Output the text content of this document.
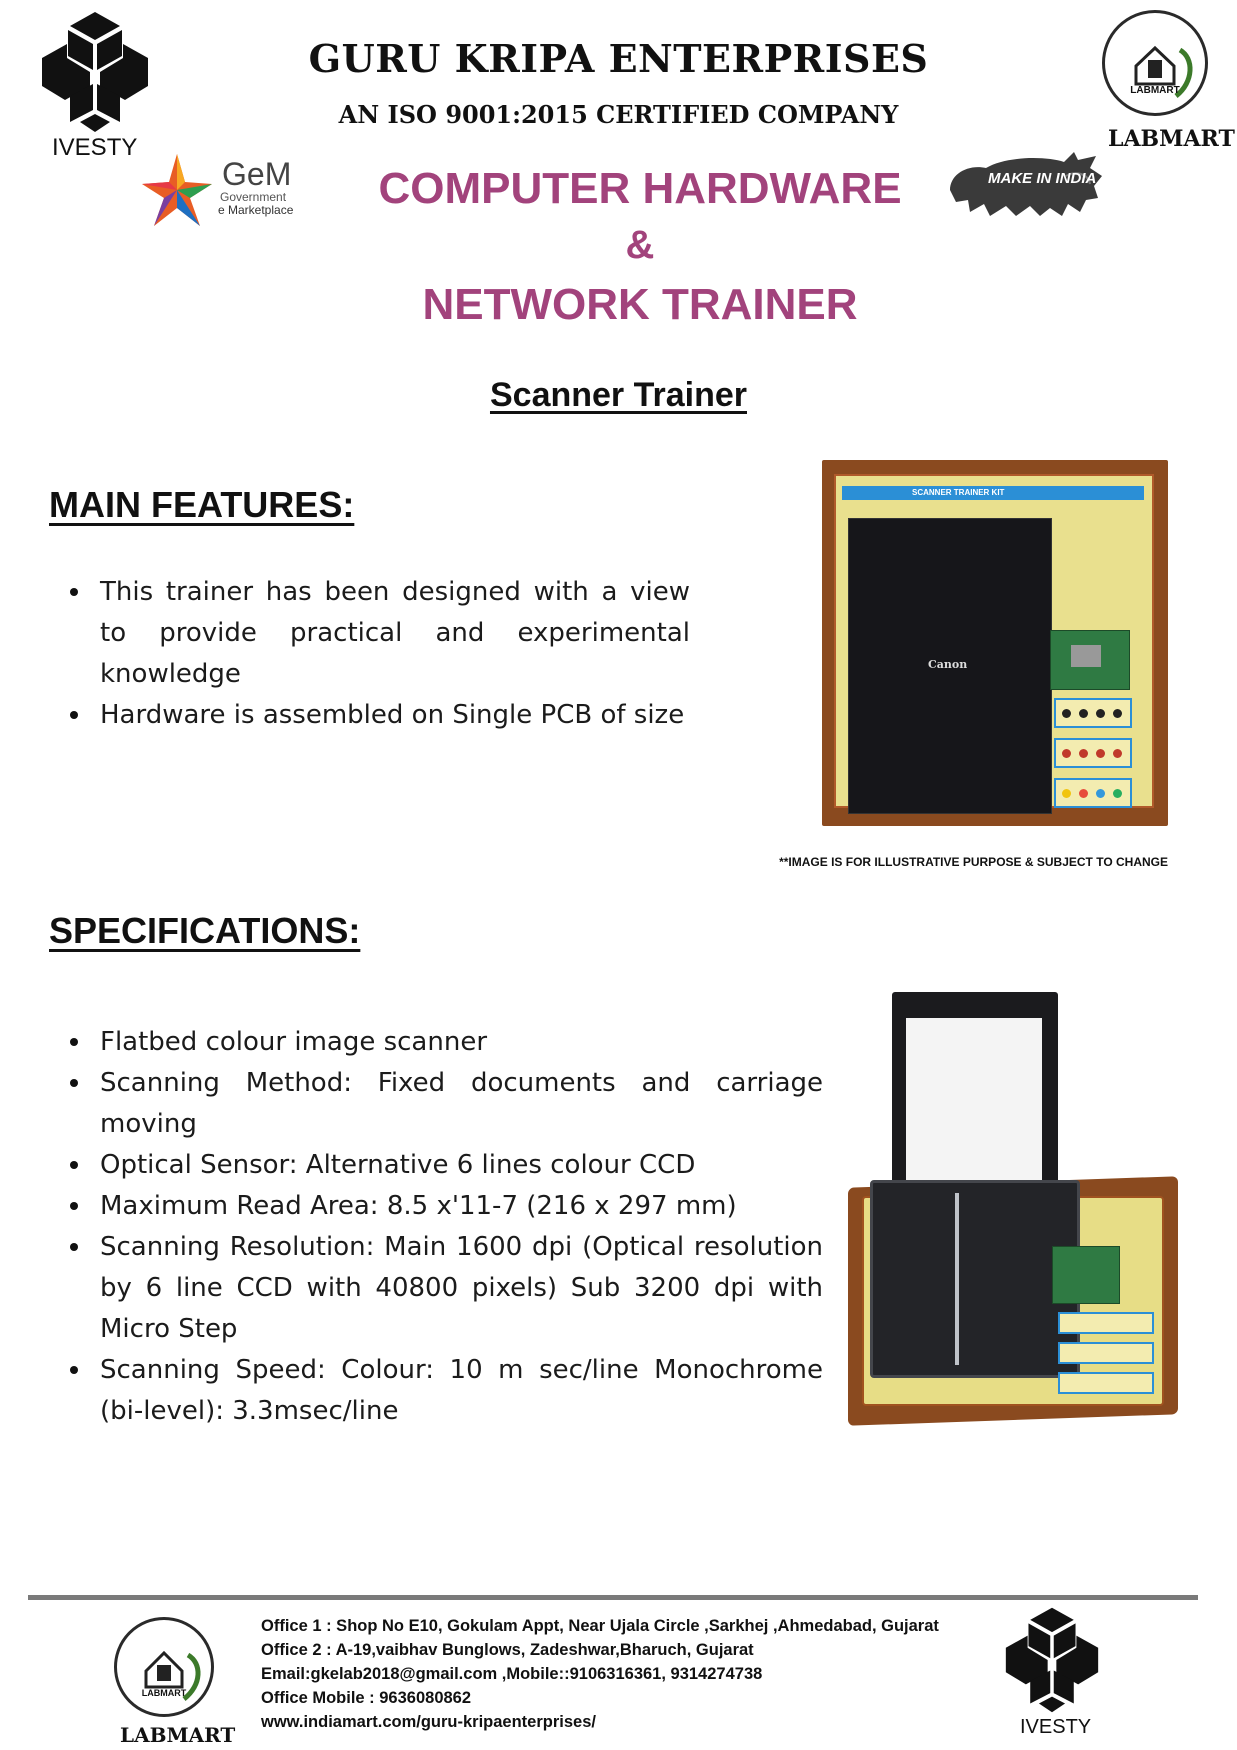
IVESTY
GURU KRIPA ENTERPRISES
AN ISO 9001:2015 CERTIFIED COMPANY
GeM
Government
e Marketplace	COMPUTER HARDWARE
&
NETWORK TRAINER
MAKE IN INDIA
LABMART
LABMART
Scanner Trainer
MAIN FEATURES:
This trainer has been designed with a view to provide practical and experimental knowledge
Hardware is assembled on Single PCB of size
SCANNER TRAINER KIT
Canon
**IMAGE IS FOR ILLUSTRATIVE PURPOSE & SUBJECT TO CHANGE
SPECIFICATIONS:
Flatbed colour image scanner
Scanning Method: Fixed documents and carriage moving
Optical Sensor: Alternative 6 lines colour CCD
Maximum Read Area: 8.5 x'11-7 (216 x 297 mm)
Scanning Resolution: Main 1600 dpi (Optical resolution by 6 line CCD with 40800 pixels) Sub 3200 dpi with Micro Step
Scanning Speed: Colour: 10 m sec/line Monochrome (bi-level): 3.3msec/line
LABMART
LABMART
Office 1 : Shop No E10, Gokulam Appt, Near Ujala Circle ,Sarkhej ,Ahmedabad, Gujarat
Office 2 : A-19,vaibhav Bunglows, Zadeshwar,Bharuch, Gujarat
Email:gkelab2018@gmail.com ,Mobile::9106316361, 9314274738
Office Mobile : 9636080862
www.indiamart.com/guru-kripaenterprises/	IVESTY
